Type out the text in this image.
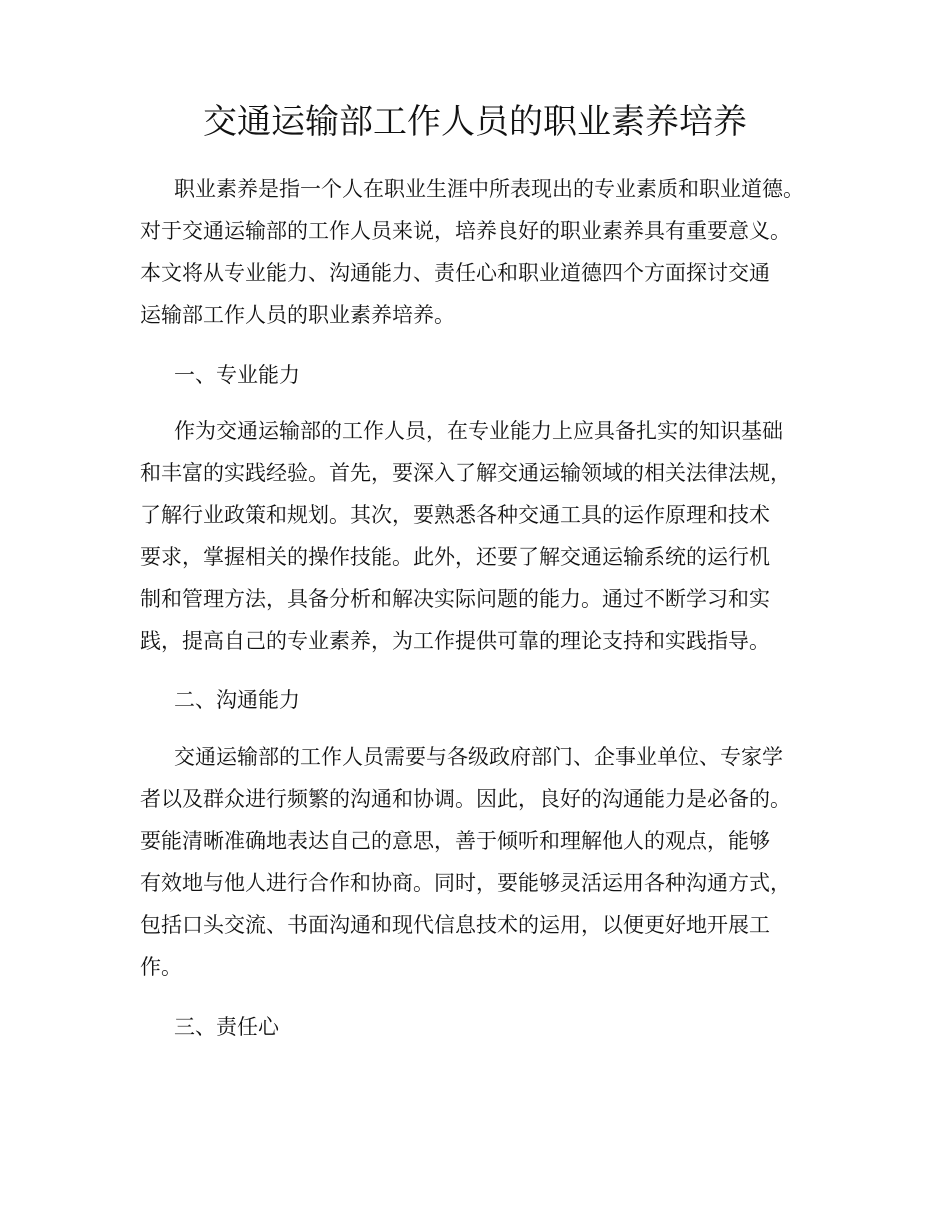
交通运输部工作人员的职业素养培养
职业素养是指一个人在职业生涯中所表现出的专业素质和职业道德。
对于交通运输部的工作人员来说，培养良好的职业素养具有重要意义。
本文将从专业能力、沟通能力、责任心和职业道德四个方面探讨交通
运输部工作人员的职业素养培养。
一、专业能力
作为交通运输部的工作人员，在专业能力上应具备扎实的知识基础
和丰富的实践经验。首先，要深入了解交通运输领域的相关法律法规，
了解行业政策和规划。其次，要熟悉各种交通工具的运作原理和技术
要求，掌握相关的操作技能。此外，还要了解交通运输系统的运行机
制和管理方法，具备分析和解决实际问题的能力。通过不断学习和实
践，提高自己的专业素养，为工作提供可靠的理论支持和实践指导。
二、沟通能力
交通运输部的工作人员需要与各级政府部门、企事业单位、专家学
者以及群众进行频繁的沟通和协调。因此，良好的沟通能力是必备的。
要能清晰准确地表达自己的意思，善于倾听和理解他人的观点，能够
有效地与他人进行合作和协商。同时，要能够灵活运用各种沟通方式，
包括口头交流、书面沟通和现代信息技术的运用，以便更好地开展工
作。
三、责任心
